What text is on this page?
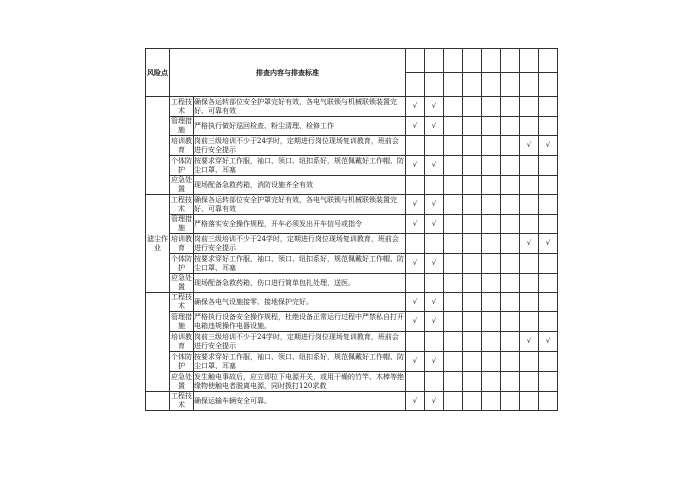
风险点	排查内容与排查标准									

	工程技术	确保各运转部位安全护罩完好有效，各电气联锁与机械联锁装置完好、可靠有效	√	√						
	管理措施	严格执行做好巡回检查、粉尘清理、检修工作	√	√						
	培训教育	岗前三级培训不少于24学时，定期进行岗位现场复训教育，班前会进行安全提示							√	√
	个体防护	按要求穿好工作服，袖口、领口、纽扣系好，规范佩戴好工作帽、防尘口罩、耳塞	√	√						
	应急处置	现场配备急救药箱，消防设施齐全有效								
滤尘作业	工程技术	确保各运转部位安全护罩完好有效，各电气联锁与机械联锁装置完好、可靠有效	√	√						
	管理措施	严格落实安全操作规程，开车必须发出开车信号或指令	√	√						
	培训教育	岗前三级培训不少于24学时，定期进行岗位现场复训教育，班前会进行安全提示							√	√
	个体防护	按要求穿好工作服，袖口、领口、纽扣系好，规范佩戴好工作帽、防尘口罩、耳塞	√	√						
	应急处置	现场配备急救药箱，伤口进行简单包扎处理，送医。								
	工程技术	确保各电气设施接零、接地保护完好。	√	√						
	管理措施	严格执行设备安全操作规程，杜绝设备正常运行过程中严禁私自打开电箱违规操作电器设施。	√	√						
	培训教育	岗前三级培训不少于24学时，定期进行岗位现场复训教育，班前会进行安全提示							√	√
	个体防护	按要求穿好工作服，袖口、领口、纽扣系好，规范佩戴好工作帽、防尘口罩、耳塞	√	√						
	应急处置	发生触电事故后，应立即拉下电源开关，或用干燥的竹竿、木棒等绝缘物使触电者脱离电源，同时拨打120求救								
	工程技术	确保运输车辆安全可靠。	√	√						
